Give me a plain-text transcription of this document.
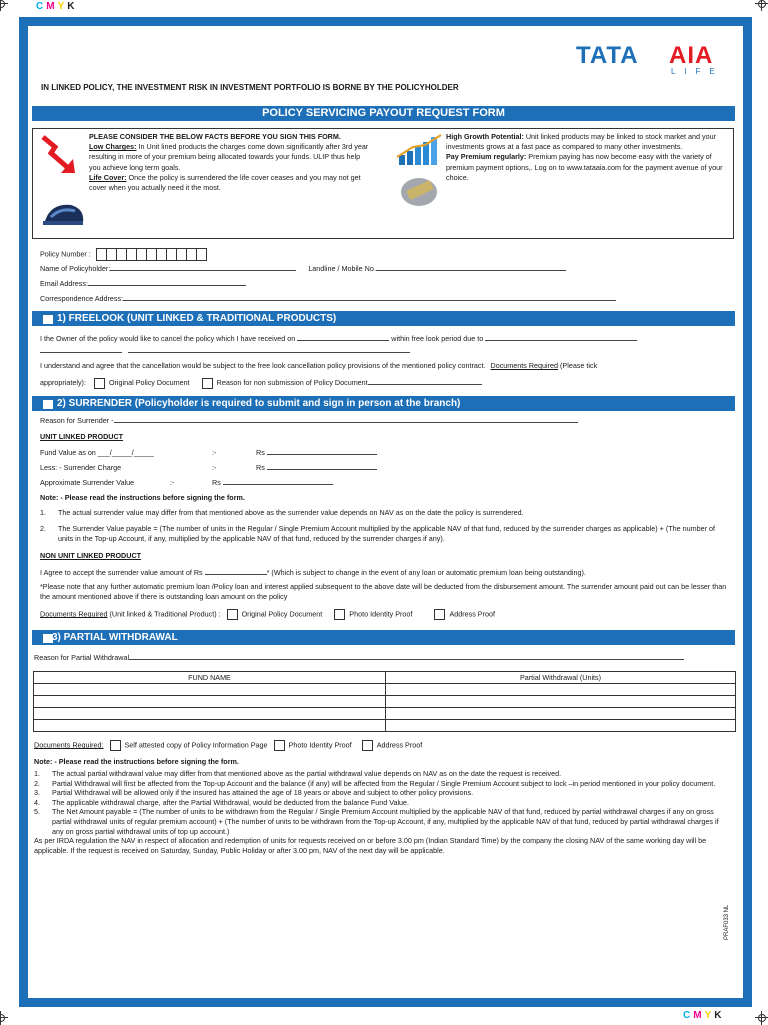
CMYK
CMYK
TATA AIA
LIFE
IN LINKED POLICY, THE INVESTMENT RISK IN INVESTMENT PORTFOLIO IS BORNE BY THE POLICYHOLDER
POLICY SERVICING PAYOUT REQUEST FORM
PLEASE CONSIDER THE BELOW FACTS BEFORE YOU SIGN THIS FORM.
Low Charges: In Unit lined products the charges come down significantly after 3rd year resulting in more of your premium being allocated towards your funds. ULIP thus help you achieve long term goals.
Life Cover: Once the policy is surrendered the life cover ceases and you may not get cover when you actually need it the most.
High Growth Potential: Unit linked products may be linked to stock market and your investments grows at a fast pace as compared to many other investments.
Pay Premium regularly: Premium paying has now become easy with the variety of premium payment options,. Log on to www.tataaia.com for the payment avenue of your choice.
Policy Number :
Name of Policyholder:	Landline / Mobile No.
Email Address:
Correspondence Address:
1) FREELOOK (UNIT LINKED & TRADITIONAL PRODUCTS)
I the Owner of the policy would like to cancel the policy which I have received on	within free look period due to

I understand and agree that the cancellation would be subject to the free look cancellation policy provisions of the mentioned policy contract. Documents Required (Please tick
appropriately):	Original Policy Document	Reason for non submission of Policy Document
2) SURRENDER (Policyholder is required to submit and sign in person at the branch)
Reason for Surrender -
UNIT LINKED PRODUCT
Fund Value as on ___/_____/_____	:-	Rs
Less: - Surrender Charge	:-	Rs
Approximate Surrender Value	:-	Rs
Note: - Please read the instructions before signing the form.
1. The actual surrender value may differ from that mentioned above as the surrender value depends on NAV as on the date the policy is surrendered.
2. The Surrender Value payable = (The number of units in the Regular / Single Premium Account multiplied by the applicable NAV of that fund, reduced by the surrender charges as applicable) + (The number of units in the Top-up Account, if any, multiplied by the applicable NAV of that fund, reduced by the surrender charges if any).
NON UNIT LINKED PRODUCT
I Agree to accept the surrender value amount of Rs	* (Which is subject to change in the event of any loan or automatic premium loan being outstanding).
*Please note that any further automatic premium loan /Policy loan and interest applied subsequent to the above date will be deducted from the disbursement amount. The surrender amount paid out can be lesser than the amount mentioned above if there is outstanding loan amount on the policy
Documents Required (Unit linked & Traditional Product) :	Original Policy Document	Photo Identity Proof	Address Proof
3) PARTIAL WITHDRAWAL
Reason for Partial Withdrawal
FUND NAME	Partial Withdrawal (Units)

Documents Required:	Self attested copy of Policy Information Page	Photo Identity Proof	Address Proof
Note: - Please read the instructions before signing the form.
1. The actual partial withdrawal value may differ from that mentioned above as the partial withdrawal value depends on NAV as on the date the request is received.
2. Partial Withdrawal will first be affected from the Top-up Account and the balance (if any) will be affected from the Regular / Single Premium Account subject to lock –in period mentioned in your policy document.
3. Partial Withdrawal will be allowed only if the insured has attained the age of 18 years or above and subject to other policy provisions.
4. The applicable withdrawal charge, after the Partial Withdrawal, would be deducted from the balance Fund Value.
5. The Net Amount payable = (The number of units to be withdrawn from the Regular / Single Premium Account multiplied by the applicable NAV of that fund, reduced by partial withdrawal charges if any on gross partial withdrawal units of regular premium account) + (The number of units to be withdrawn from the Top-up Account, if any, multiplied by the applicable NAV of that fund, reduced by partial withdrawal charges if any on gross partial withdrawal units of top up account.)
As per IRDA regulation the NAV in respect of allocation and redemption of units for requests received on or before 3.00 pm (Indian Standard Time) by the company the closing NAV of the same working day will be applicable. If the request is received on Saturday, Sunday, Public Holiday or after 3.00 pm, NAV of the next day will be applicable.
PRAF033 NL
